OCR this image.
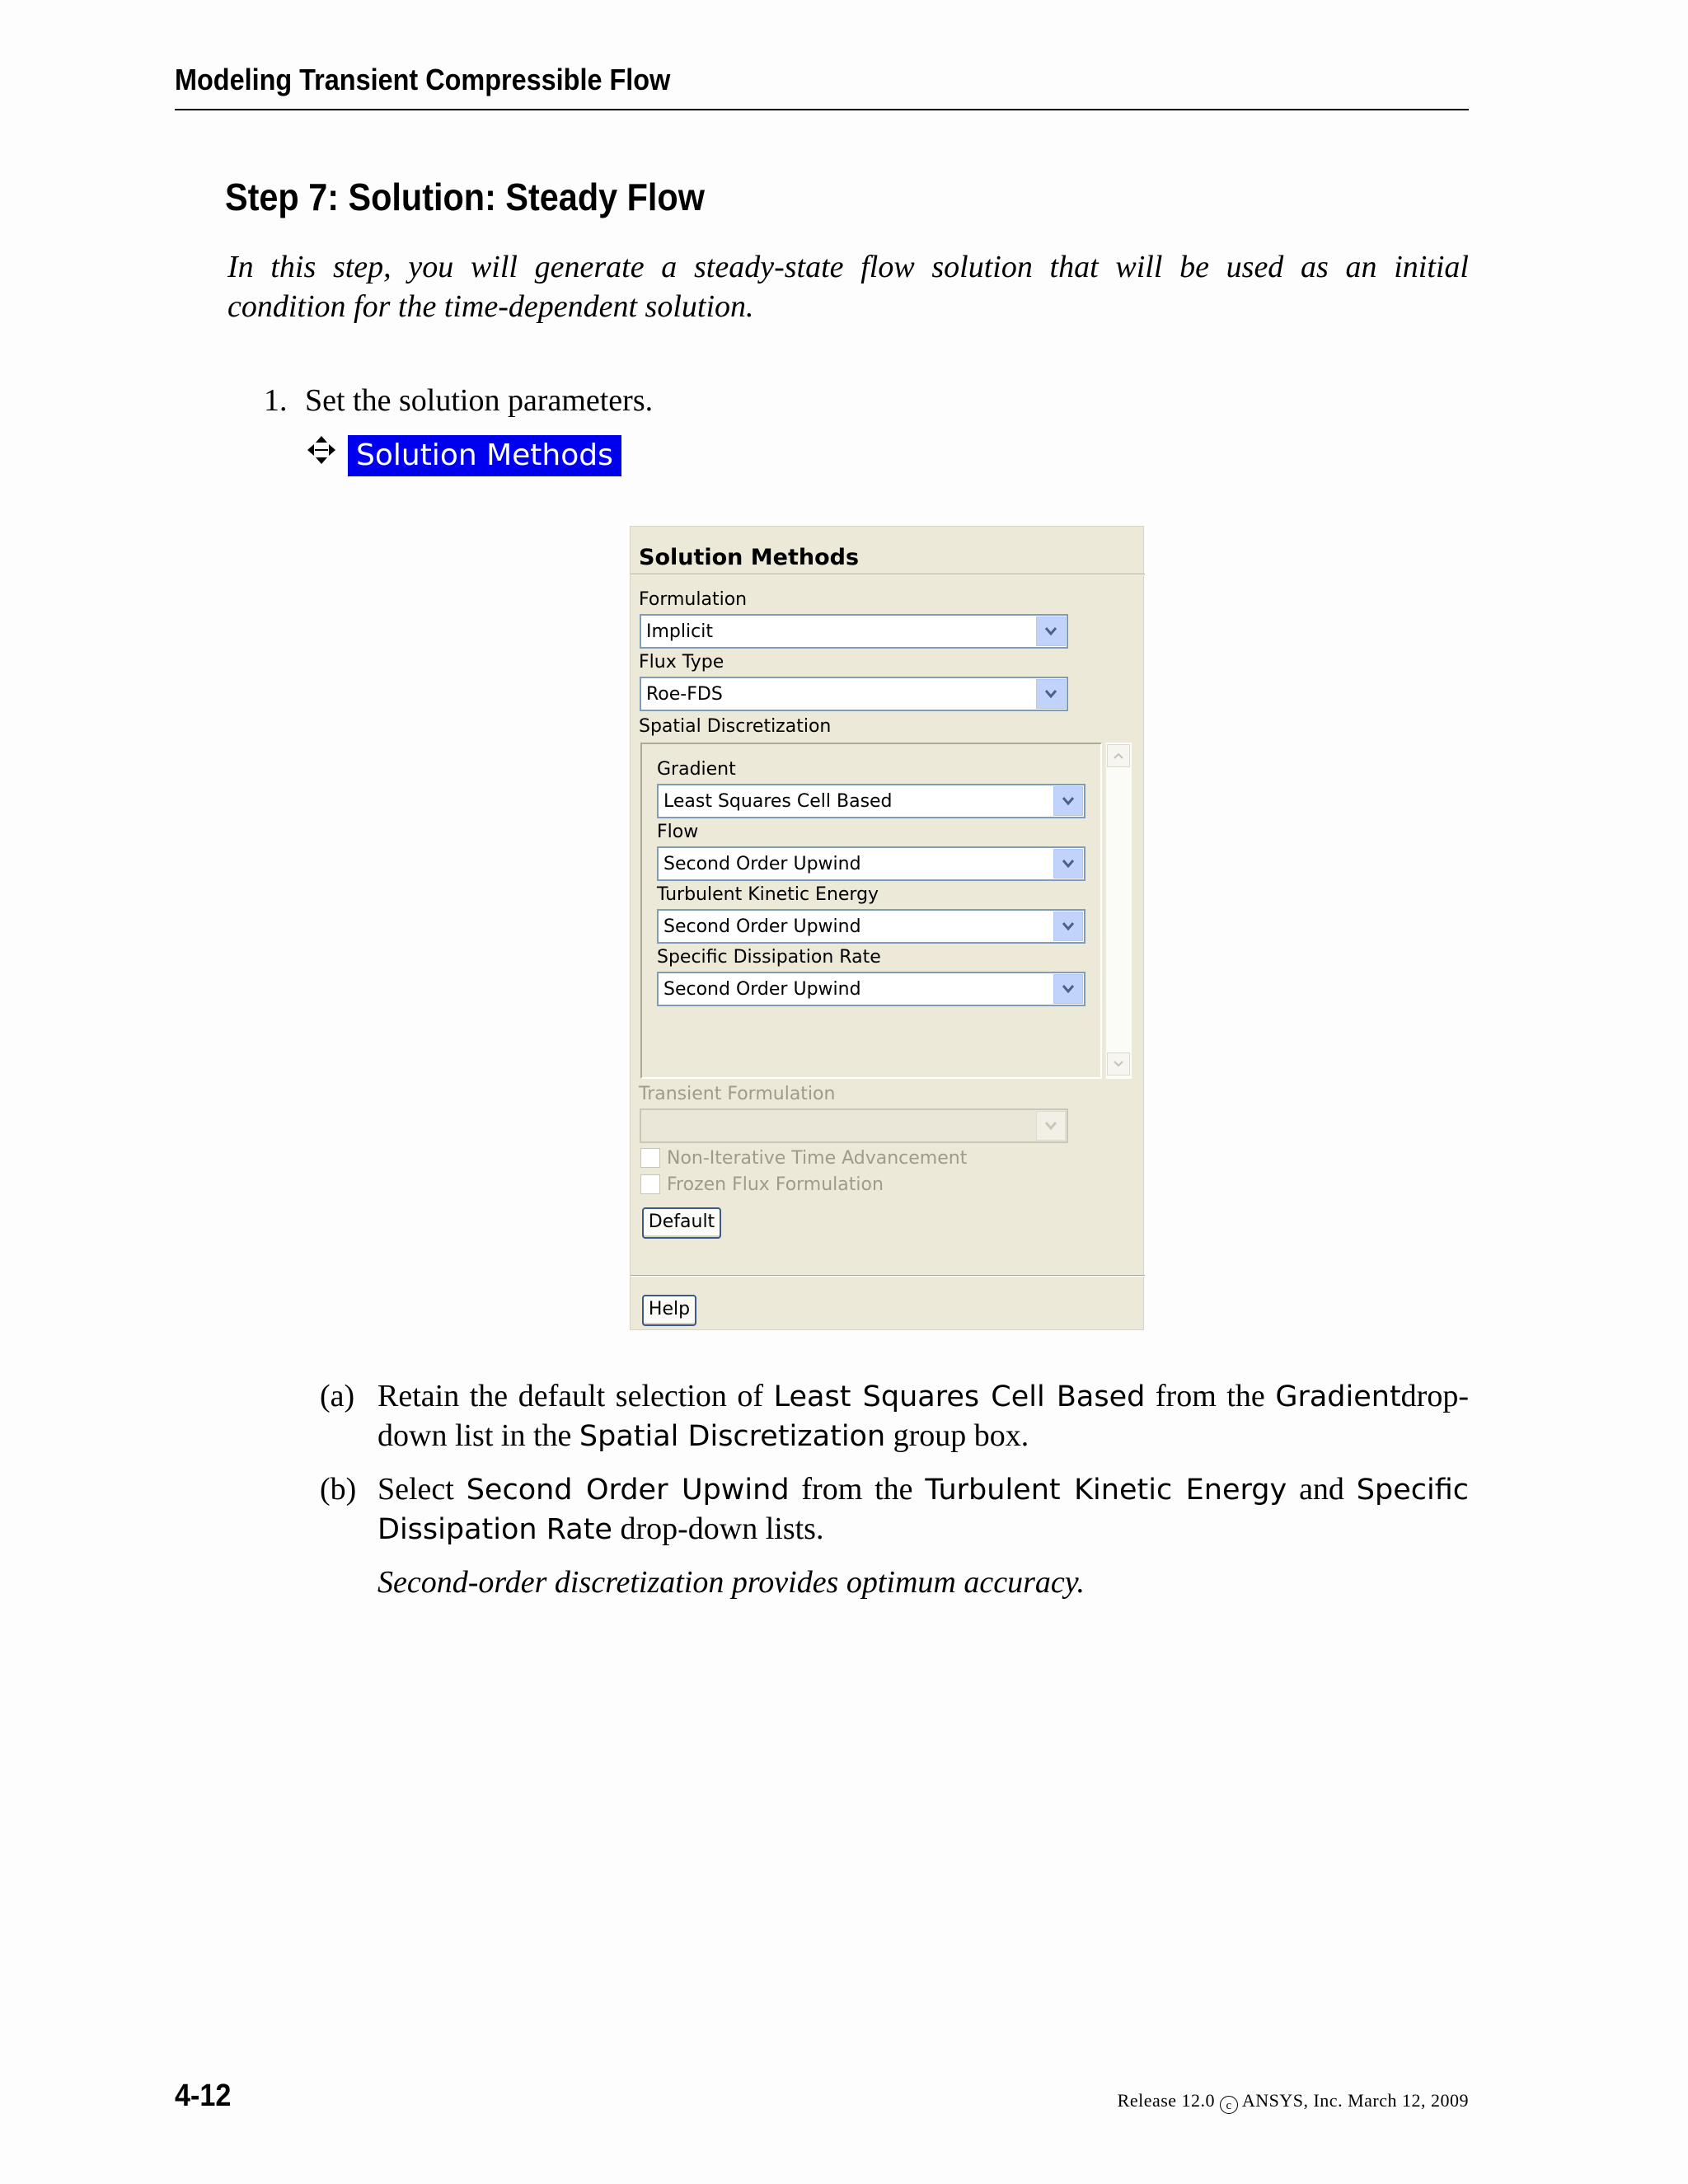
Modeling Transient Compressible Flow
Step 7: Solution: Steady Flow
In this step, you will generate a steady-state flow solution that will be used as an initial
condition for the time-dependent solution.
1. Set the solution parameters.
Solution Methods
Solution Methods
Formulation
Implicit
Flux Type
Roe-FDS
Spatial Discretization
Gradient
Least Squares Cell Based
Flow
Second Order Upwind
Turbulent Kinetic Energy
Second Order Upwind
Specific Dissipation Rate
Second Order Upwind
Transient Formulation
Non-Iterative Time Advancement
Frozen Flux Formulation
Default
Help
(a) Retain the default selection of Least Squares Cell Based from the Gradientdrop-
down list in the Spatial Discretization group box.
(b) Select Second Order Upwind from the Turbulent Kinetic Energy and Specific
Dissipation Rate drop-down lists.
Second-order discretization provides optimum accuracy.
4-12	Release 12.0 c ANSYS, Inc. March 12, 2009
